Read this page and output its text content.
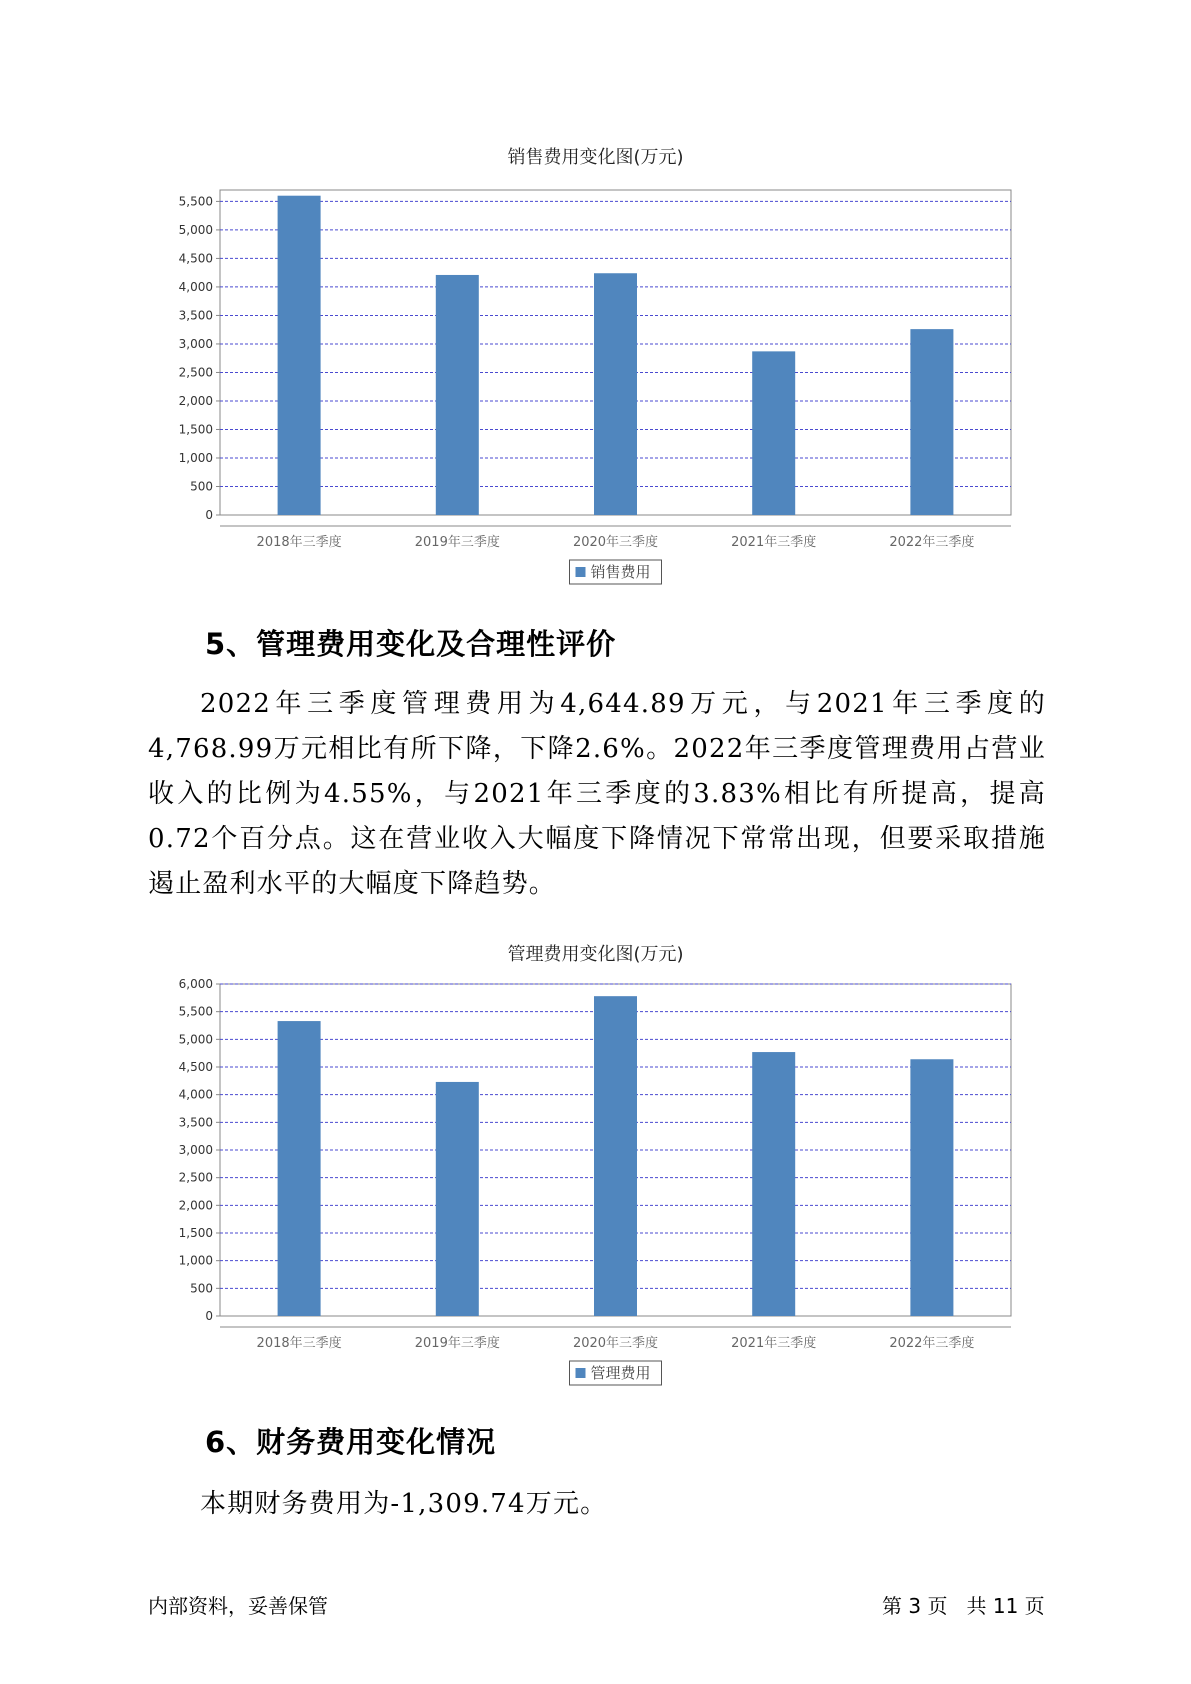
销售费用变化图(万元)
0
500
1,000
1,500
2,000
2,500
3,000
3,500
4,000
4,500
5,000
5,500
2018年三季度	2019年三季度	2020年三季度	2021年三季度	2022年三季度
销售费用
5、管理费用变化及合理性评价
2022年三季度管理费用为4,644.89万元，与2021年三季度的4,768.99万元相比有所下降，下降2.6%。2022年三季度管理费用占营业收入的比例为4.55%，与2021年三季度的3.83%相比有所提高，提高0.72个百分点。这在营业收入大幅度下降情况下常常出现，但要采取措施遏止盈利水平的大幅度下降趋势。
管理费用变化图(万元)
0
500
1,000
1,500
2,000
2,500
3,000
3,500
4,000
4,500
5,000
5,500
6,000
2018年三季度	2019年三季度	2020年三季度	2021年三季度	2022年三季度
管理费用
6、财务费用变化情况
本期财务费用为-1,309.74万元。
内部资料，妥善保管	第 3 页   共 11 页
